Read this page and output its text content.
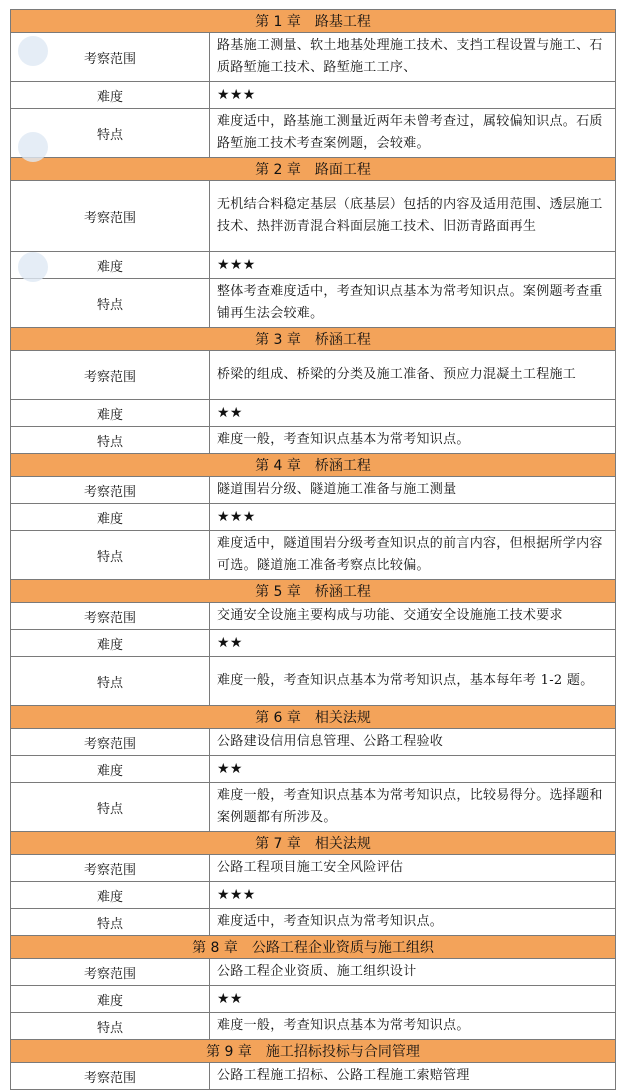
第 1 章　路基工程	
考察范围	路基施工测量、软土地基处理施工技术、支挡工程设置与施工、石质路堑施工技术、路堑施工工序、
难度	★★★
特点	难度适中，路基施工测量近两年未曾考查过，属较偏知识点。石质路堑施工技术考查案例题，会较难。
第 2 章　路面工程	
考察范围	无机结合料稳定基层（底基层）包括的内容及适用范围、透层施工技术、热拌沥青混合料面层施工技术、旧沥青路面再生
难度	★★★
特点	整体考查难度适中，考查知识点基本为常考知识点。案例题考查重铺再生法会较难。
第 3 章　桥涵工程	
考察范围	桥梁的组成、桥梁的分类及施工准备、预应力混凝土工程施工
难度	★★
特点	难度一般，考查知识点基本为常考知识点。
第 4 章　桥涵工程	
考察范围	隧道围岩分级、隧道施工准备与施工测量
难度	★★★
特点	难度适中，隧道围岩分级考查知识点的前言内容，但根据所学内容可选。隧道施工准备考察点比较偏。
第 5 章　桥涵工程	
考察范围	交通安全设施主要构成与功能、交通安全设施施工技术要求
难度	★★
特点	难度一般，考查知识点基本为常考知识点，基本每年考 1-2 题。
第 6 章　相关法规	
考察范围	公路建设信用信息管理、公路工程验收
难度	★★
特点	难度一般，考查知识点基本为常考知识点，比较易得分。选择题和案例题都有所涉及。
第 7 章　相关法规	
考察范围	公路工程项目施工安全风险评估
难度	★★★
特点	难度适中，考查知识点为常考知识点。
第 8 章　公路工程企业资质与施工组织	
考察范围	公路工程企业资质、施工组织设计
难度	★★
特点	难度一般，考查知识点基本为常考知识点。
第 9 章　施工招标投标与合同管理	
考察范围	公路工程施工招标、公路工程施工索赔管理
